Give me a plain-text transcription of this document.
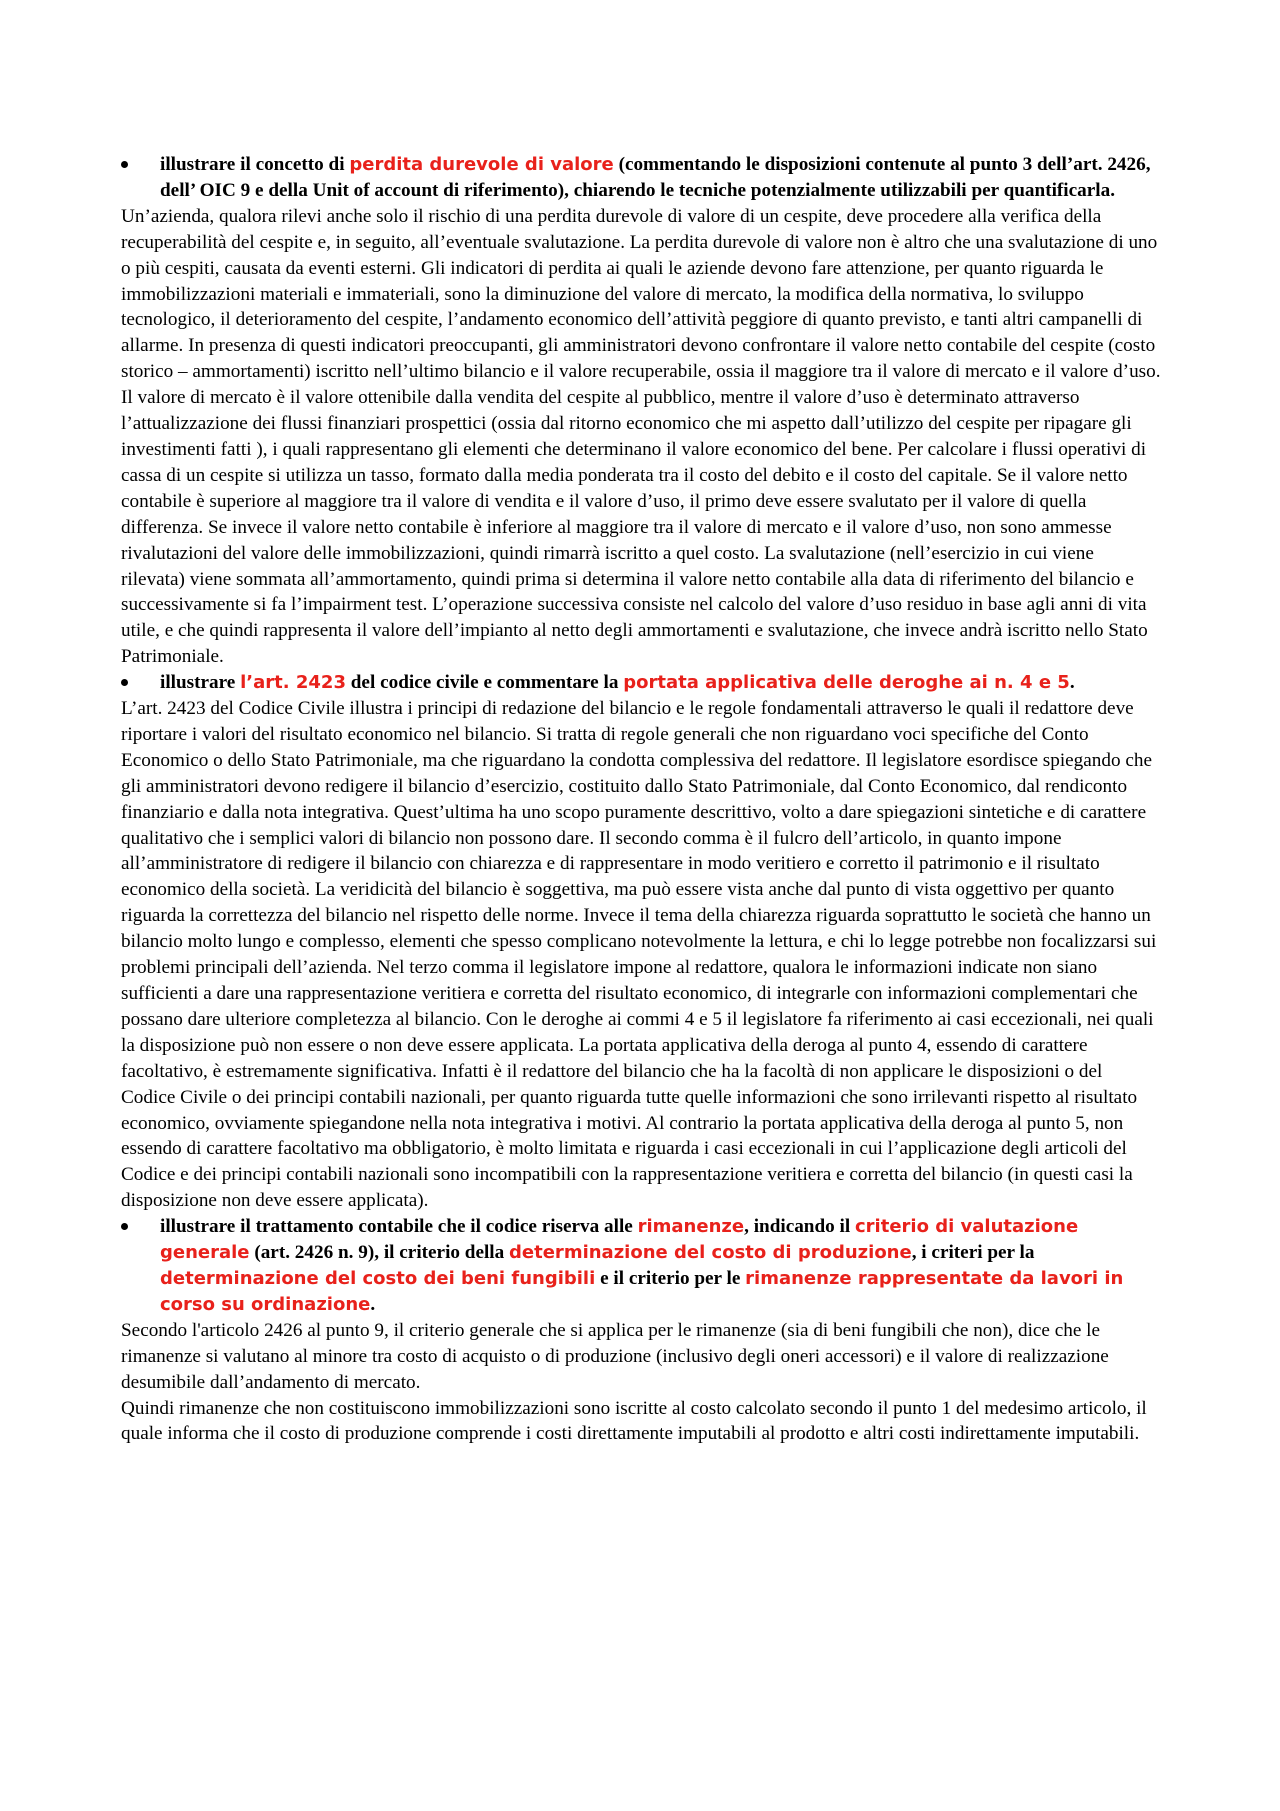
illustrare il concetto di perdita durevole di valore (commentando le disposizioni contenute al punto 3 dell’art. 2426, dell’ OIC 9 e della Unit of account di riferimento), chiarendo le tecniche potenzialmente utilizzabili per quantificarla.

Un’azienda, qualora rilevi anche solo il rischio di una perdita durevole di valore di un cespite, deve procedere alla verifica della recuperabilità del cespite e, in seguito, all’eventuale svalutazione. La perdita durevole di valore non è altro che una svalutazione di uno o più cespiti, causata da eventi esterni. Gli indicatori di perdita ai quali le aziende devono fare attenzione, per quanto riguarda le immobilizzazioni materiali e immateriali, sono la diminuzione del valore di mercato, la modifica della normativa, lo sviluppo tecnologico, il deterioramento del cespite, l’andamento economico dell’attività peggiore di quanto previsto, e tanti altri campanelli di allarme. In presenza di questi indicatori preoccupanti, gli amministratori devono confrontare il valore netto contabile del cespite (costo storico – ammortamenti) iscritto nell’ultimo bilancio e il valore recuperabile, ossia il maggiore tra il valore di mercato e il valore d’uso. Il valore di mercato è il valore ottenibile dalla vendita del cespite al pubblico, mentre il valore d’uso è determinato attraverso l’attualizzazione dei flussi finanziari prospettici (ossia dal ritorno economico che mi aspetto dall’utilizzo del cespite per ripagare gli investimenti fatti ), i quali rappresentano gli elementi che determinano il valore economico del bene. Per calcolare i flussi operativi di cassa di un cespite si utilizza un tasso, formato dalla media ponderata tra il costo del debito e il costo del capitale. Se il valore netto contabile è superiore al maggiore tra il valore di vendita e il valore d’uso, il primo deve essere svalutato per il valore di quella differenza. Se invece il valore netto contabile è inferiore al maggiore tra il valore di mercato e il valore d’uso, non sono ammesse rivalutazioni del valore delle immobilizzazioni, quindi rimarrà iscritto a quel costo. La svalutazione (nell’esercizio in cui viene rilevata) viene sommata all’ammortamento, quindi prima si determina il valore netto contabile alla data di riferimento del bilancio e successivamente si fa l’impairment test. L’operazione successiva consiste nel calcolo del valore d’uso residuo in base agli anni di vita utile, e che quindi rappresenta il valore dell’impianto al netto degli ammortamenti e svalutazione, che invece andrà iscritto nello Stato Patrimoniale.

illustrare l’art. 2423 del codice civile e commentare la portata applicativa delle deroghe ai n. 4 e 5.

L’art. 2423 del Codice Civile illustra i principi di redazione del bilancio e le regole fondamentali attraverso le quali il redattore deve riportare i valori del risultato economico nel bilancio. Si tratta di regole generali che non riguardano voci specifiche del Conto Economico o dello Stato Patrimoniale, ma che riguardano la condotta complessiva del redattore. Il legislatore esordisce spiegando che gli amministratori devono redigere il bilancio d’esercizio, costituito dallo Stato Patrimoniale, dal Conto Economico, dal rendiconto finanziario e dalla nota integrativa. Quest’ultima ha uno scopo puramente descrittivo, volto a dare spiegazioni sintetiche e di carattere qualitativo che i semplici valori di bilancio non possono dare. Il secondo comma è il fulcro dell’articolo, in quanto impone all’amministratore di redigere il bilancio con chiarezza e di rappresentare in modo veritiero e corretto il patrimonio e il risultato economico della società. La veridicità del bilancio è soggettiva, ma può essere vista anche dal punto di vista oggettivo per quanto riguarda la correttezza del bilancio nel rispetto delle norme. Invece il tema della chiarezza riguarda soprattutto le società che hanno un bilancio molto lungo e complesso, elementi che spesso complicano notevolmente la lettura, e chi lo legge potrebbe non focalizzarsi sui problemi principali dell’azienda. Nel terzo comma il legislatore impone al redattore, qualora le informazioni indicate non siano sufficienti a dare una rappresentazione veritiera e corretta del risultato economico, di integrarle con informazioni complementari che possano dare ulteriore completezza al bilancio. Con le deroghe ai commi 4 e 5 il legislatore fa riferimento ai casi eccezionali, nei quali la disposizione può non essere o non deve essere applicata. La portata applicativa della deroga al punto 4, essendo di carattere facoltativo, è estremamente significativa. Infatti è il redattore del bilancio che ha la facoltà di non applicare le disposizioni o del Codice Civile o dei principi contabili nazionali, per quanto riguarda tutte quelle informazioni che sono irrilevanti rispetto al risultato economico, ovviamente spiegandone nella nota integrativa i motivi. Al contrario la portata applicativa della deroga al punto 5, non essendo di carattere facoltativo ma obbligatorio, è molto limitata e riguarda i casi eccezionali in cui l’applicazione degli articoli del Codice e dei principi contabili nazionali sono incompatibili con la rappresentazione veritiera e corretta del bilancio (in questi casi la disposizione non deve essere applicata).

illustrare il trattamento contabile che il codice riserva alle rimanenze, indicando il criterio di valutazione generale (art. 2426 n. 9), il criterio della determinazione del costo di produzione, i criteri per la determinazione del costo dei beni fungibili e il criterio per le rimanenze rappresentate da lavori in corso su ordinazione.

Secondo l'articolo 2426 al punto 9, il criterio generale che si applica per le rimanenze (sia di beni fungibili che non), dice che le rimanenze si valutano al minore tra costo di acquisto o di produzione (inclusivo degli oneri accessori) e il valore di realizzazione desumibile dall’andamento di mercato.

Quindi rimanenze che non costituiscono immobilizzazioni sono iscritte al costo calcolato secondo il punto 1 del medesimo articolo, il quale informa che il costo di produzione comprende i costi direttamente imputabili al prodotto e altri costi indirettamente imputabili.
